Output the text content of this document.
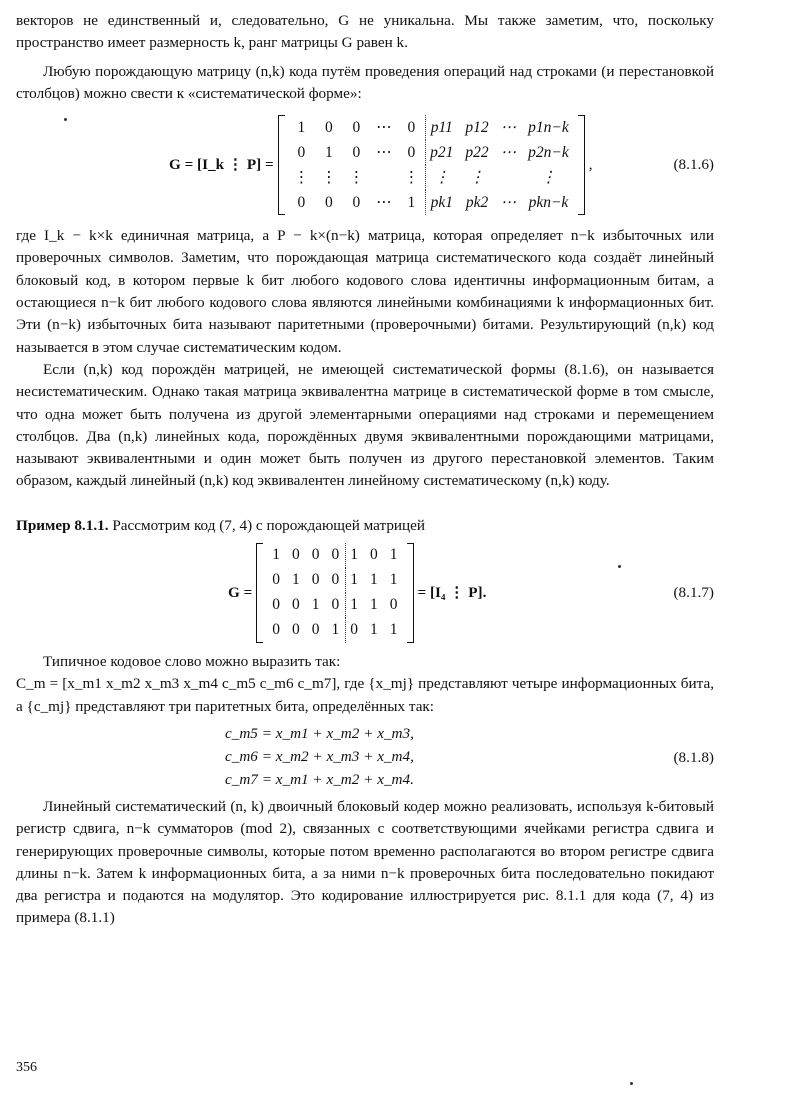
векторов не единственный и, следовательно, G не уникальна. Мы также заметим, что, поскольку пространство имеет размерность k, ранг матрицы G равен k.

Любую порождающую матрицу (n,k) кода путём проведения операций над строками (и перестановкой столбцов) можно свести к «систематической форме»:

G = [I_k ⋮ P] =
1	0	0	⋯	0	p11	p12	⋯	p1n−k
0	1	0	⋯	0	p21	p22	⋯	p2n−k
⋮	⋮	⋮		⋮	⋮	⋮		⋮
0	0	0	⋯	1	pk1	pk2	⋯	pkn−k
,	(8.1.6)

где I_k − k×k единичная матрица, а P − k×(n−k) матрица, которая определяет n−k избыточных или проверочных символов. Заметим, что порождающая матрица систематического кода создаёт линейный блоковый код, в котором первые k бит любого кодового слова идентичны информационным битам, а остающиеся n−k бит любого кодового слова являются линейными комбинациями k информационных бит. Эти (n−k) избыточных бита называют паритетными (проверочными) битами. Результирующий (n,k) код называется в этом случае систематическим кодом.

Если (n,k) код порождён матрицей, не имеющей систематической формы (8.1.6), он называется несистематическим. Однако такая матрица эквивалентна матрице в систематической форме в том смысле, что одна может быть получена из другой элементарными операциями над строками и перемещением столбцов. Два (n,k) линейных кода, порождённых двумя эквивалентными порождающими матрицами, называют эквивалентными и один может быть получен из другого перестановкой элементов. Таким образом, каждый линейный (n,k) код эквивалентен линейному систематическому (n,k) коду.

Пример 8.1.1. Рассмотрим код (7, 4) с порождающей матрицей

G =
1	0	0	0	1	0	1
0	1	0	0	1	1	1
0	0	1	0	1	1	0
0	0	0	1	0	1	1
= [I₄ ⋮ P].	(8.1.7)

Типичное кодовое слово можно выразить так:

C_m = [x_m1 x_m2 x_m3 x_m4 c_m5 c_m6 c_m7], где {x_mj} представляют четыре информационных бита, а {c_mj} представляют три паритетных бита, определённых так:

c_m5 = x_m1 + x_m2 + x_m3,
c_m6 = x_m2 + x_m3 + x_m4,
c_m7 = x_m1 + x_m2 + x_m4.
(8.1.8)

Линейный систематический (n, k) двоичный блоковый кодер можно реализовать, используя k-битовый регистр сдвига, n−k сумматоров (mod 2), связанных с соответствующими ячейками регистра сдвига и генерирующих проверочные символы, которые потом временно располагаются во втором регистре сдвига длины n−k. Затем k информационных бита, а за ними n−k проверочных бита последовательно покидают два регистра и подаются на модулятор. Это кодирование иллюстрируется рис. 8.1.1 для кода (7, 4) из примера (8.1.1)

356
